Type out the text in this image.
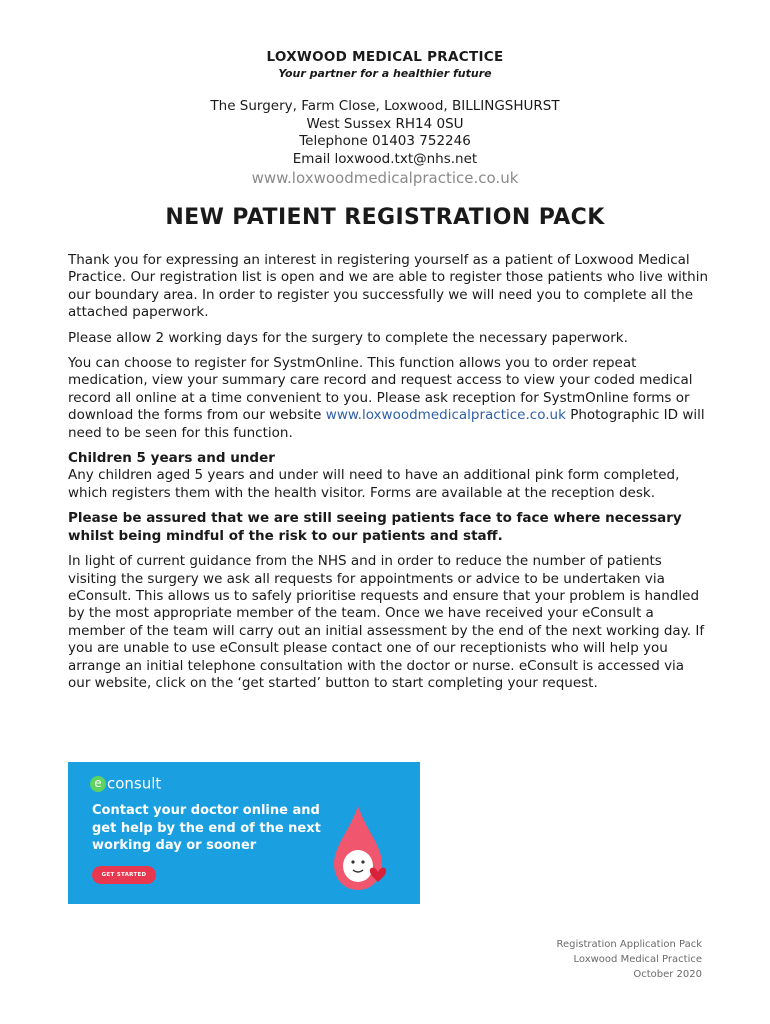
LOXWOOD MEDICAL PRACTICE
Your partner for a healthier future
The Surgery, Farm Close, Loxwood, BILLINGSHURST
West Sussex RH14 0SU
Telephone 01403 752246
Email loxwood.txt@nhs.net
www.loxwoodmedicalpractice.co.uk
NEW PATIENT REGISTRATION PACK

Thank you for expressing an interest in registering yourself as a patient of Loxwood Medical Practice. Our registration list is open and we are able to register those patients who live within our boundary area. In order to register you successfully we will need you to complete all the attached paperwork.

Please allow 2 working days for the surgery to complete the necessary paperwork.

You can choose to register for SystmOnline. This function allows you to order repeat medication, view your summary care record and request access to view your coded medical record all online at a time convenient to you. Please ask reception for SystmOnline forms or download the forms from our website www.loxwoodmedicalpractice.co.uk Photographic ID will need to be seen for this function.

Children 5 years and under
Any children aged 5 years and under will need to have an additional pink form completed, which registers them with the health visitor. Forms are available at the reception desk.

Please be assured that we are still seeing patients face to face where necessary whilst being mindful of the risk to our patients and staff.

In light of current guidance from the NHS and in order to reduce the number of patients visiting the surgery we ask all requests for appointments or advice to be undertaken via eConsult. This allows us to safely prioritise requests and ensure that your problem is handled by the most appropriate member of the team. Once we have received your eConsult a member of the team will carry out an initial assessment by the end of the next working day. If you are unable to use eConsult please contact one of our receptionists who will help you arrange an initial telephone consultation with the doctor or nurse. eConsult is accessed via our website, click on the ‘get started’ button to start completing your request.

e consult
Contact your doctor online and get help by the end of the next working day or sooner
GET STARTED
Registration Application Pack
Loxwood Medical Practice
October 2020
